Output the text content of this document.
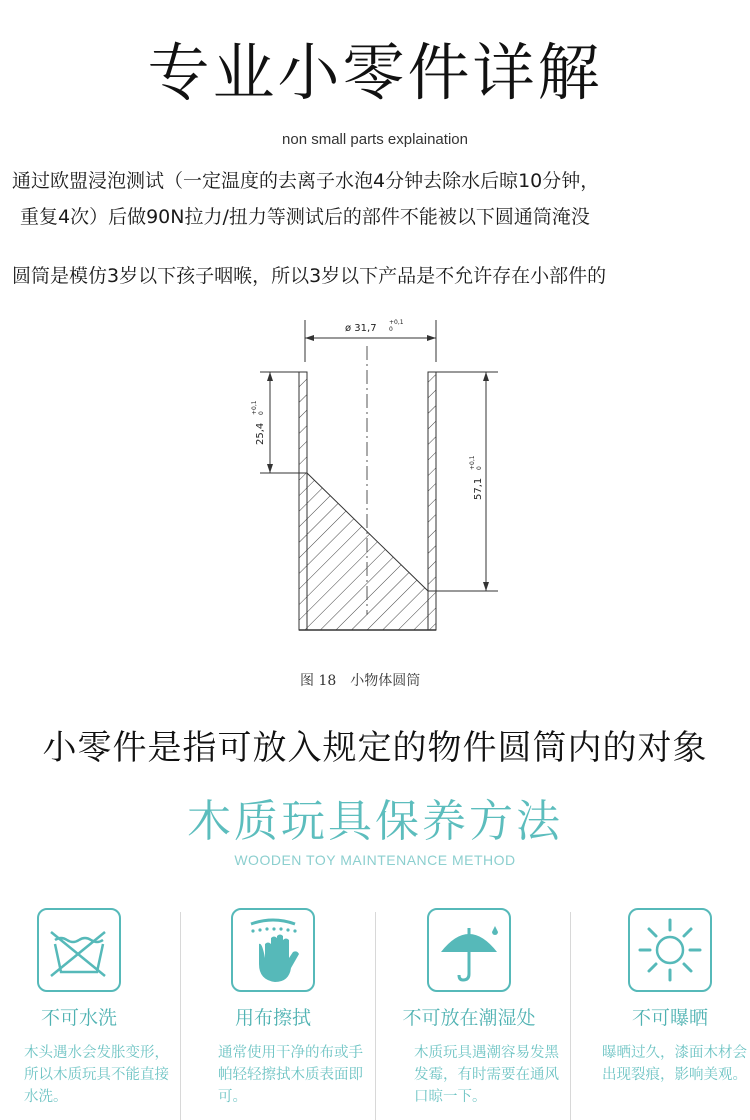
专业小零件详解
non small parts explaination
通过欧盟浸泡测试（一定温度的去离子水泡4分钟去除水后晾10分钟，
重复4次）后做90N拉力/扭力等测试后的部件不能被以下圆通筒淹没
圆筒是模仿3岁以下孩子咽喉，所以3岁以下产品是不允许存在小部件的
ø 31,7
+0,1
0
25,4
+0,1 0
57,1
+0,1 0
图 18　小物体圆筒
小零件是指可放入规定的物件圆筒内的对象
木质玩具保养方法
WOODEN TOY MAINTENANCE METHOD
不可水洗
木头遇水会发胀变形，所以木质玩具不能直接水洗。
用布擦拭
通常使用干净的布或手帕轻轻擦拭木质表面即可。
不可放在潮湿处
木质玩具遇潮容易发黑发霉，有时需要在通风口晾一下。
不可曝晒
曝晒过久，漆面木材会出现裂痕，影响美观。
